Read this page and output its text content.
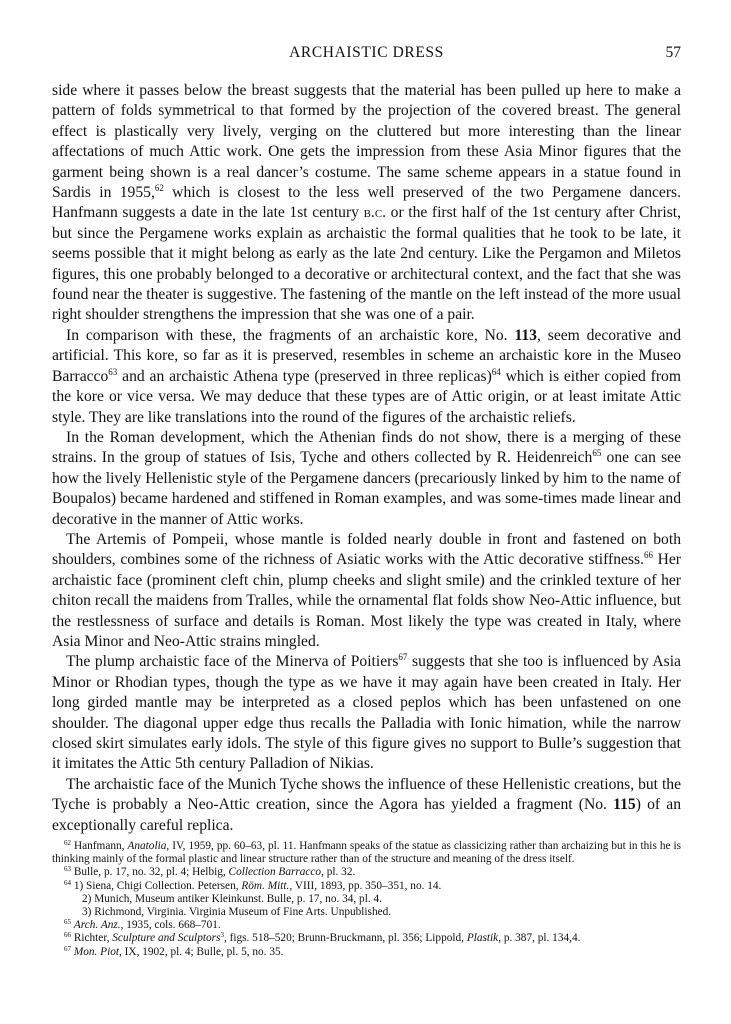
ARCHAISTIC DRESS	57

side where it passes below the breast suggests that the material has been pulled up here to make a pattern of folds symmetrical to that formed by the projection of the covered breast. The general effect is plastically very lively, verging on the cluttered but more interesting than the linear affectations of much Attic work. One gets the impression from these Asia Minor figures that the garment being shown is a real dancer’s costume. The same scheme appears in a statue found in Sardis in 1955,62 which is closest to the less well preserved of the two Pergamene dancers. Hanfmann suggests a date in the late 1st century b.c. or the first half of the 1st century after Christ, but since the Pergamene works explain as archaistic the formal qualities that he took to be late, it seems possible that it might belong as early as the late 2nd century. Like the Pergamon and Miletos figures, this one probably belonged to a decorative or architectural context, and the fact that she was found near the theater is suggestive. The fastening of the mantle on the left instead of the more usual right shoulder strengthens the impression that she was one of a pair.

In comparison with these, the fragments of an archaistic kore, No. 113, seem decorative and artificial. This kore, so far as it is preserved, resembles in scheme an archaistic kore in the Museo Barracco$^{63}$ and an archaistic Athena type (preserved in three replicas)$^{64}$ which is either copied from the kore or vice versa. We may deduce that these types are of Attic origin, or at least imitate Attic style. They are like translations into the round of the figures of the archaistic reliefs.

In the Roman development, which the Athenian finds do not show, there is a merging of these strains. In the group of statues of Isis, Tyche and others collected by R. Heidenreich$^{65}$ one can see how the lively Hellenistic style of the Pergamene dancers (precariously linked by him to the name of Boupalos) became hardened and stiffened in Roman examples, and was some-times made linear and decorative in the manner of Attic works.

The Artemis of Pompeii, whose mantle is folded nearly double in front and fastened on both shoulders, combines some of the richness of Asiatic works with the Attic decorative stiffness.$^{66}$ Her archaistic face (prominent cleft chin, plump cheeks and slight smile) and the crinkled texture of her chiton recall the maidens from Tralles, while the ornamental flat folds show Neo-Attic influence, but the restlessness of surface and details is Roman. Most likely the type was created in Italy, where Asia Minor and Neo-Attic strains mingled.

The plump archaistic face of the Minerva of Poitiers$^{67}$ suggests that she too is influenced by Asia Minor or Rhodian types, though the type as we have it may again have been created in Italy. Her long girded mantle may be interpreted as a closed peplos which has been unfastened on one shoulder. The diagonal upper edge thus recalls the Palladia with Ionic himation, while the narrow closed skirt simulates early idols. The style of this figure gives no support to Bulle’s suggestion that it imitates the Attic 5th century Palladion of Nikias.

The archaistic face of the Munich Tyche shows the influence of these Hellenistic creations, but the Tyche is probably a Neo-Attic creation, since the Agora has yielded a fragment (No. 115) of an exceptionally careful replica.

$^{62}$ Hanfmann, Anatolia, IV, 1959, pp. 60–63, pl. 11. Hanfmann speaks of the statue as classicizing rather than archaizing but in this he is thinking mainly of the formal plastic and linear structure rather than of the structure and meaning of the dress itself.

$^{63}$ Bulle, p. 17, no. 32, pl. 4; Helbig, Collection Barracco, pl. 32.

$^{64}$ 1) Siena, Chigi Collection. Petersen, Röm. Mitt., VIII, 1893, pp. 350–351, no. 14.

2) Munich, Museum antiker Kleinkunst. Bulle, p. 17, no. 34, pl. 4.

3) Richmond, Virginia. Virginia Museum of Fine Arts. Unpublished.

$^{65}$ Arch. Anz., 1935, cols. 668–701.

$^{66}$ Richter, Sculpture and Sculptors$^3$, figs. 518–520; Brunn-Bruckmann, pl. 356; Lippold, Plastik, p. 387, pl. 134,4.

$^{67}$ Mon. Piot, IX, 1902, pl. 4; Bulle, pl. 5, no. 35.
